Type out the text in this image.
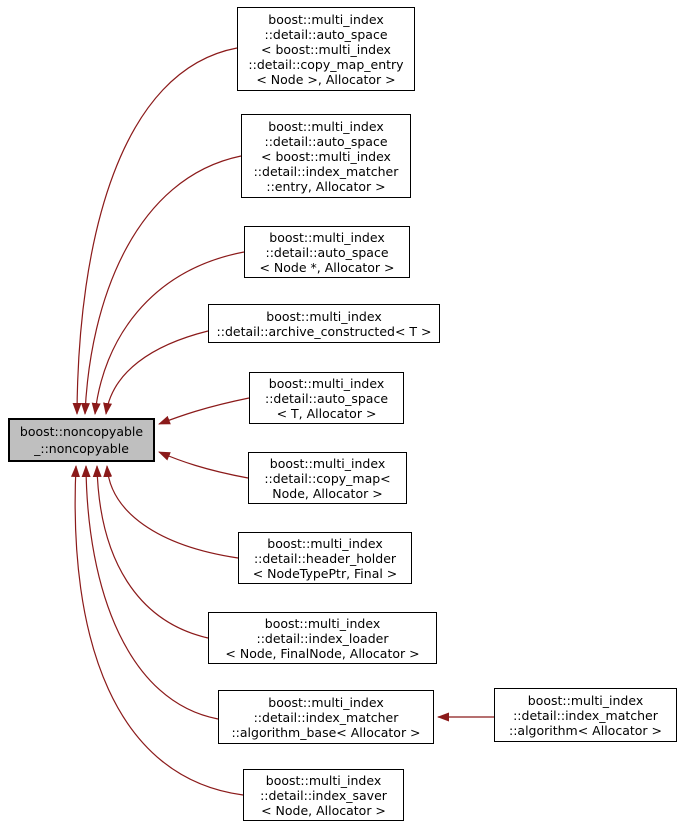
boost::noncopyable
_::noncopyable
boost::multi_index
::detail::auto_space
< boost::multi_index
::detail::copy_map_entry
< Node >, Allocator >
boost::multi_index
::detail::auto_space
< boost::multi_index
::detail::index_matcher
::entry, Allocator >
boost::multi_index
::detail::auto_space
< Node *, Allocator >
boost::multi_index
::detail::archive_constructed< T >
boost::multi_index
::detail::auto_space
< T, Allocator >
boost::multi_index
::detail::copy_map<
Node, Allocator >
boost::multi_index
::detail::header_holder
< NodeTypePtr, Final >
boost::multi_index
::detail::index_loader
< Node, FinalNode, Allocator >
boost::multi_index
::detail::index_matcher
::algorithm_base< Allocator >
boost::multi_index
::detail::index_saver
< Node, Allocator >
boost::multi_index
::detail::index_matcher
::algorithm< Allocator >
